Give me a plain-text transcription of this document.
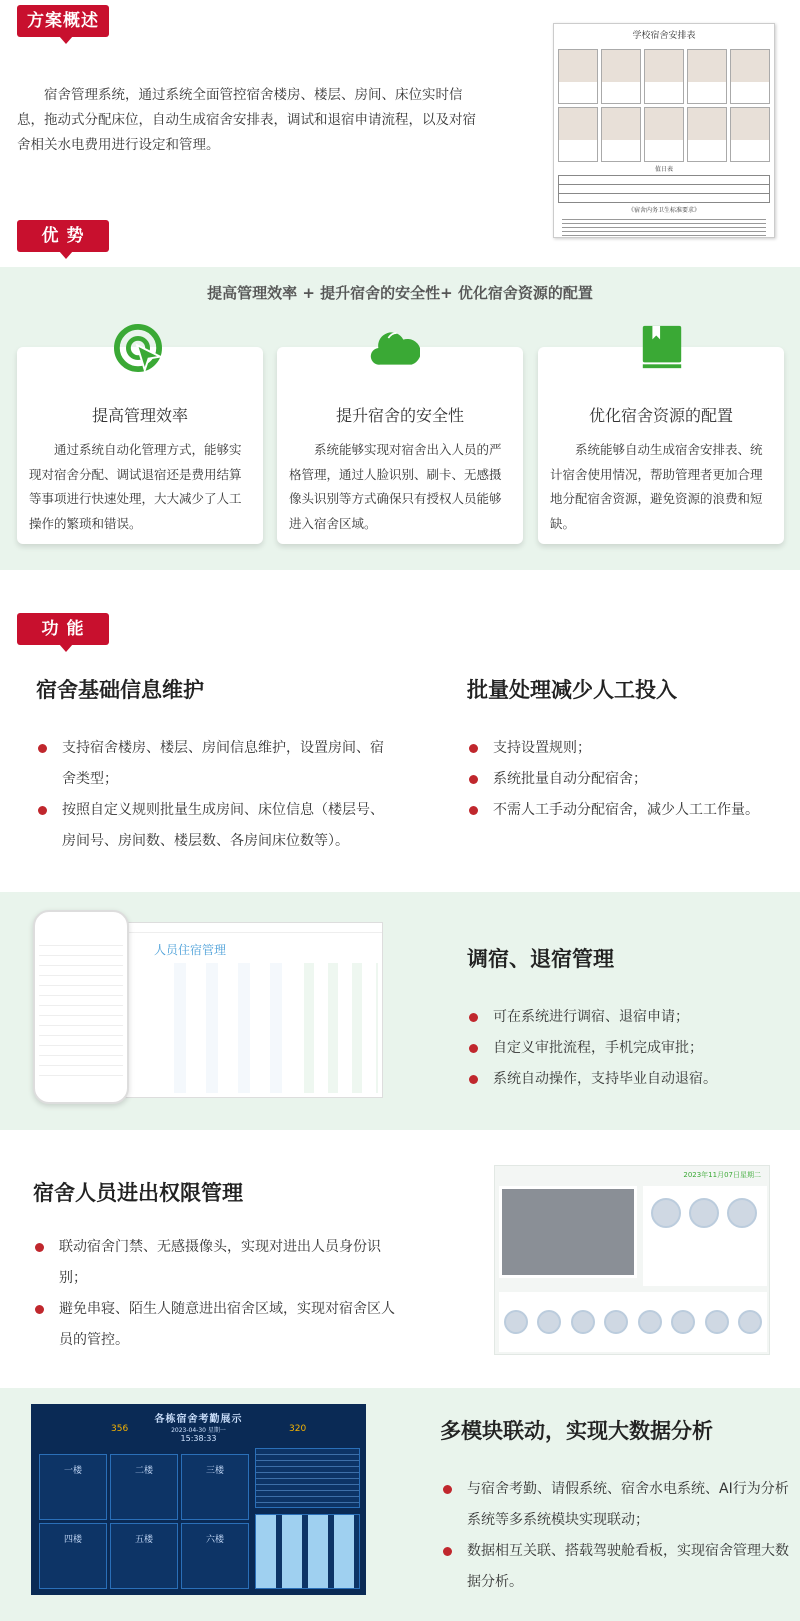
方案概述

宿舍管理系统，通过系统全面管控宿舍楼房、楼层、房间、床位实时信息，拖动式分配床位，自动生成宿舍安排表，调试和退宿申请流程，以及对宿舍相关水电费用进行设定和管理。

学校宿舍安排表
值日表
《宿舍内务卫生标准要求》
优 势
提高管理效率 + 提升宿舍的安全性+ 优化宿舍资源的配置
提高管理效率

通过系统自动化管理方式，能够实现对宿舍分配、调试退宿还是费用结算等事项进行快速处理，大大减少了人工操作的繁琐和错误。

提升宿舍的安全性

系统能够实现对宿舍出入人员的严格管理，通过人脸识别、刷卡、无感摄像头识别等方式确保只有授权人员能够进入宿舍区域。

优化宿舍资源的配置

系统能够自动生成宿舍安排表、统计宿舍使用情况，帮助管理者更加合理地分配宿舍资源，避免资源的浪费和短缺。

功 能
宿舍基础信息维护
支持宿舍楼房、楼层、房间信息维护，设置房间、宿舍类型；
按照自定义规则批量生成房间、床位信息（楼层号、房间号、房间数、楼层数、各房间床位数等）。
批量处理减少人工投入
支持设置规则；
系统批量自动分配宿舍；
不需人工手动分配宿舍，减少人工工作量。
人员住宿管理	调宿、退宿管理
可在系统进行调宿、退宿申请；
自定义审批流程，手机完成审批；
系统自动操作，支持毕业自动退宿。
宿舍人员进出权限管理
联动宿舍门禁、无感摄像头，实现对进出人员身份识别；
避免串寝、陌生人随意进出宿舍区域，实现对宿舍区人员的管控。
2023年11月07日星期二
各栋宿舍考勤展示
2023-04-30 星期一
15:38:33
356	320
一楼	二楼	三楼
四楼	五楼	六楼
多模块联动，实现大数据分析
与宿舍考勤、请假系统、宿舍水电系统、AI行为分析系统等多系统模块实现联动；
数据相互关联、搭载驾驶舱看板，实现宿舍管理大数据分析。
